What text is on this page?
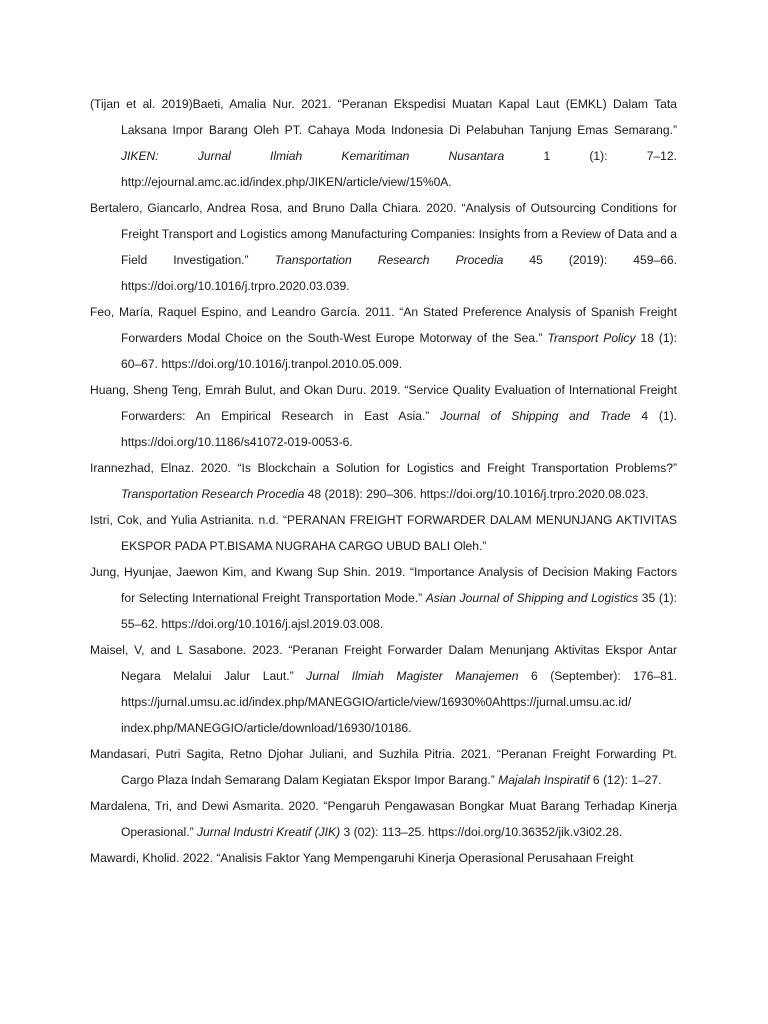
(Tijan et al. 2019)Baeti, Amalia Nur. 2021. “Peranan Ekspedisi Muatan Kapal Laut (EMKL) Dalam Tata Laksana Impor Barang Oleh PT. Cahaya Moda Indonesia Di Pelabuhan Tanjung Emas Semarang.” JIKEN: Jurnal Ilmiah Kemaritiman Nusantara 1 (1): 7–12. http://ejournal.amc.ac.id/index.php/JIKEN/article/view/15%0A.

Bertalero, Giancarlo, Andrea Rosa, and Bruno Dalla Chiara. 2020. “Analysis of Outsourcing Conditions for Freight Transport and Logistics among Manufacturing Companies: Insights from a Review of Data and a Field Investigation.” Transportation Research Procedia 45 (2019): 459–66. https://doi.org/10.1016/j.trpro.2020.03.039.

Feo, María, Raquel Espino, and Leandro García. 2011. “An Stated Preference Analysis of Spanish Freight Forwarders Modal Choice on the South-West Europe Motorway of the Sea.” Transport Policy 18 (1): 60–67. https://doi.org/10.1016/j.tranpol.2010.05.009.

Huang, Sheng Teng, Emrah Bulut, and Okan Duru. 2019. “Service Quality Evaluation of International Freight Forwarders: An Empirical Research in East Asia.” Journal of Shipping and Trade 4 (1). https://doi.org/10.1186/s41072-019-0053-6.

Irannezhad, Elnaz. 2020. “Is Blockchain a Solution for Logistics and Freight Transportation Problems?” Transportation Research Procedia 48 (2018): 290–306. https://doi.org/10.1016/j.trpro.2020.08.023.

Istri, Cok, and Yulia Astrianita. n.d. “PERANAN FREIGHT FORWARDER DALAM MENUNJANG AKTIVITAS EKSPOR PADA PT.BISAMA NUGRAHA CARGO UBUD BALI Oleh.”

Jung, Hyunjae, Jaewon Kim, and Kwang Sup Shin. 2019. “Importance Analysis of Decision Making Factors for Selecting International Freight Transportation Mode.” Asian Journal of Shipping and Logistics 35 (1): 55–62. https://doi.org/10.1016/j.ajsl.2019.03.008.

Maisel, V, and L Sasabone. 2023. “Peranan Freight Forwarder Dalam Menunjang Aktivitas Ekspor Antar Negara Melalui Jalur Laut.” Jurnal Ilmiah Magister Manajemen 6 (September): 176–81. https://jurnal.umsu.ac.id/index.php/MANEGGIO/article/view/16930%0Ahttps://jurnal.umsu.ac.id/ index.php/MANEGGIO/article/download/16930/10186.

Mandasari, Putri Sagita, Retno Djohar Juliani, and Suzhila Pitria. 2021. “Peranan Freight Forwarding Pt. Cargo Plaza Indah Semarang Dalam Kegiatan Ekspor Impor Barang.” Majalah Inspiratif 6 (12): 1–27.

Mardalena, Tri, and Dewi Asmarita. 2020. “Pengaruh Pengawasan Bongkar Muat Barang Terhadap Kinerja Operasional.” Jurnal Industri Kreatif (JIK) 3 (02): 113–25. https://doi.org/10.36352/jik.v3i02.28.

Mawardi, Kholid. 2022. “Analisis Faktor Yang Mempengaruhi Kinerja Operasional Perusahaan Freight
